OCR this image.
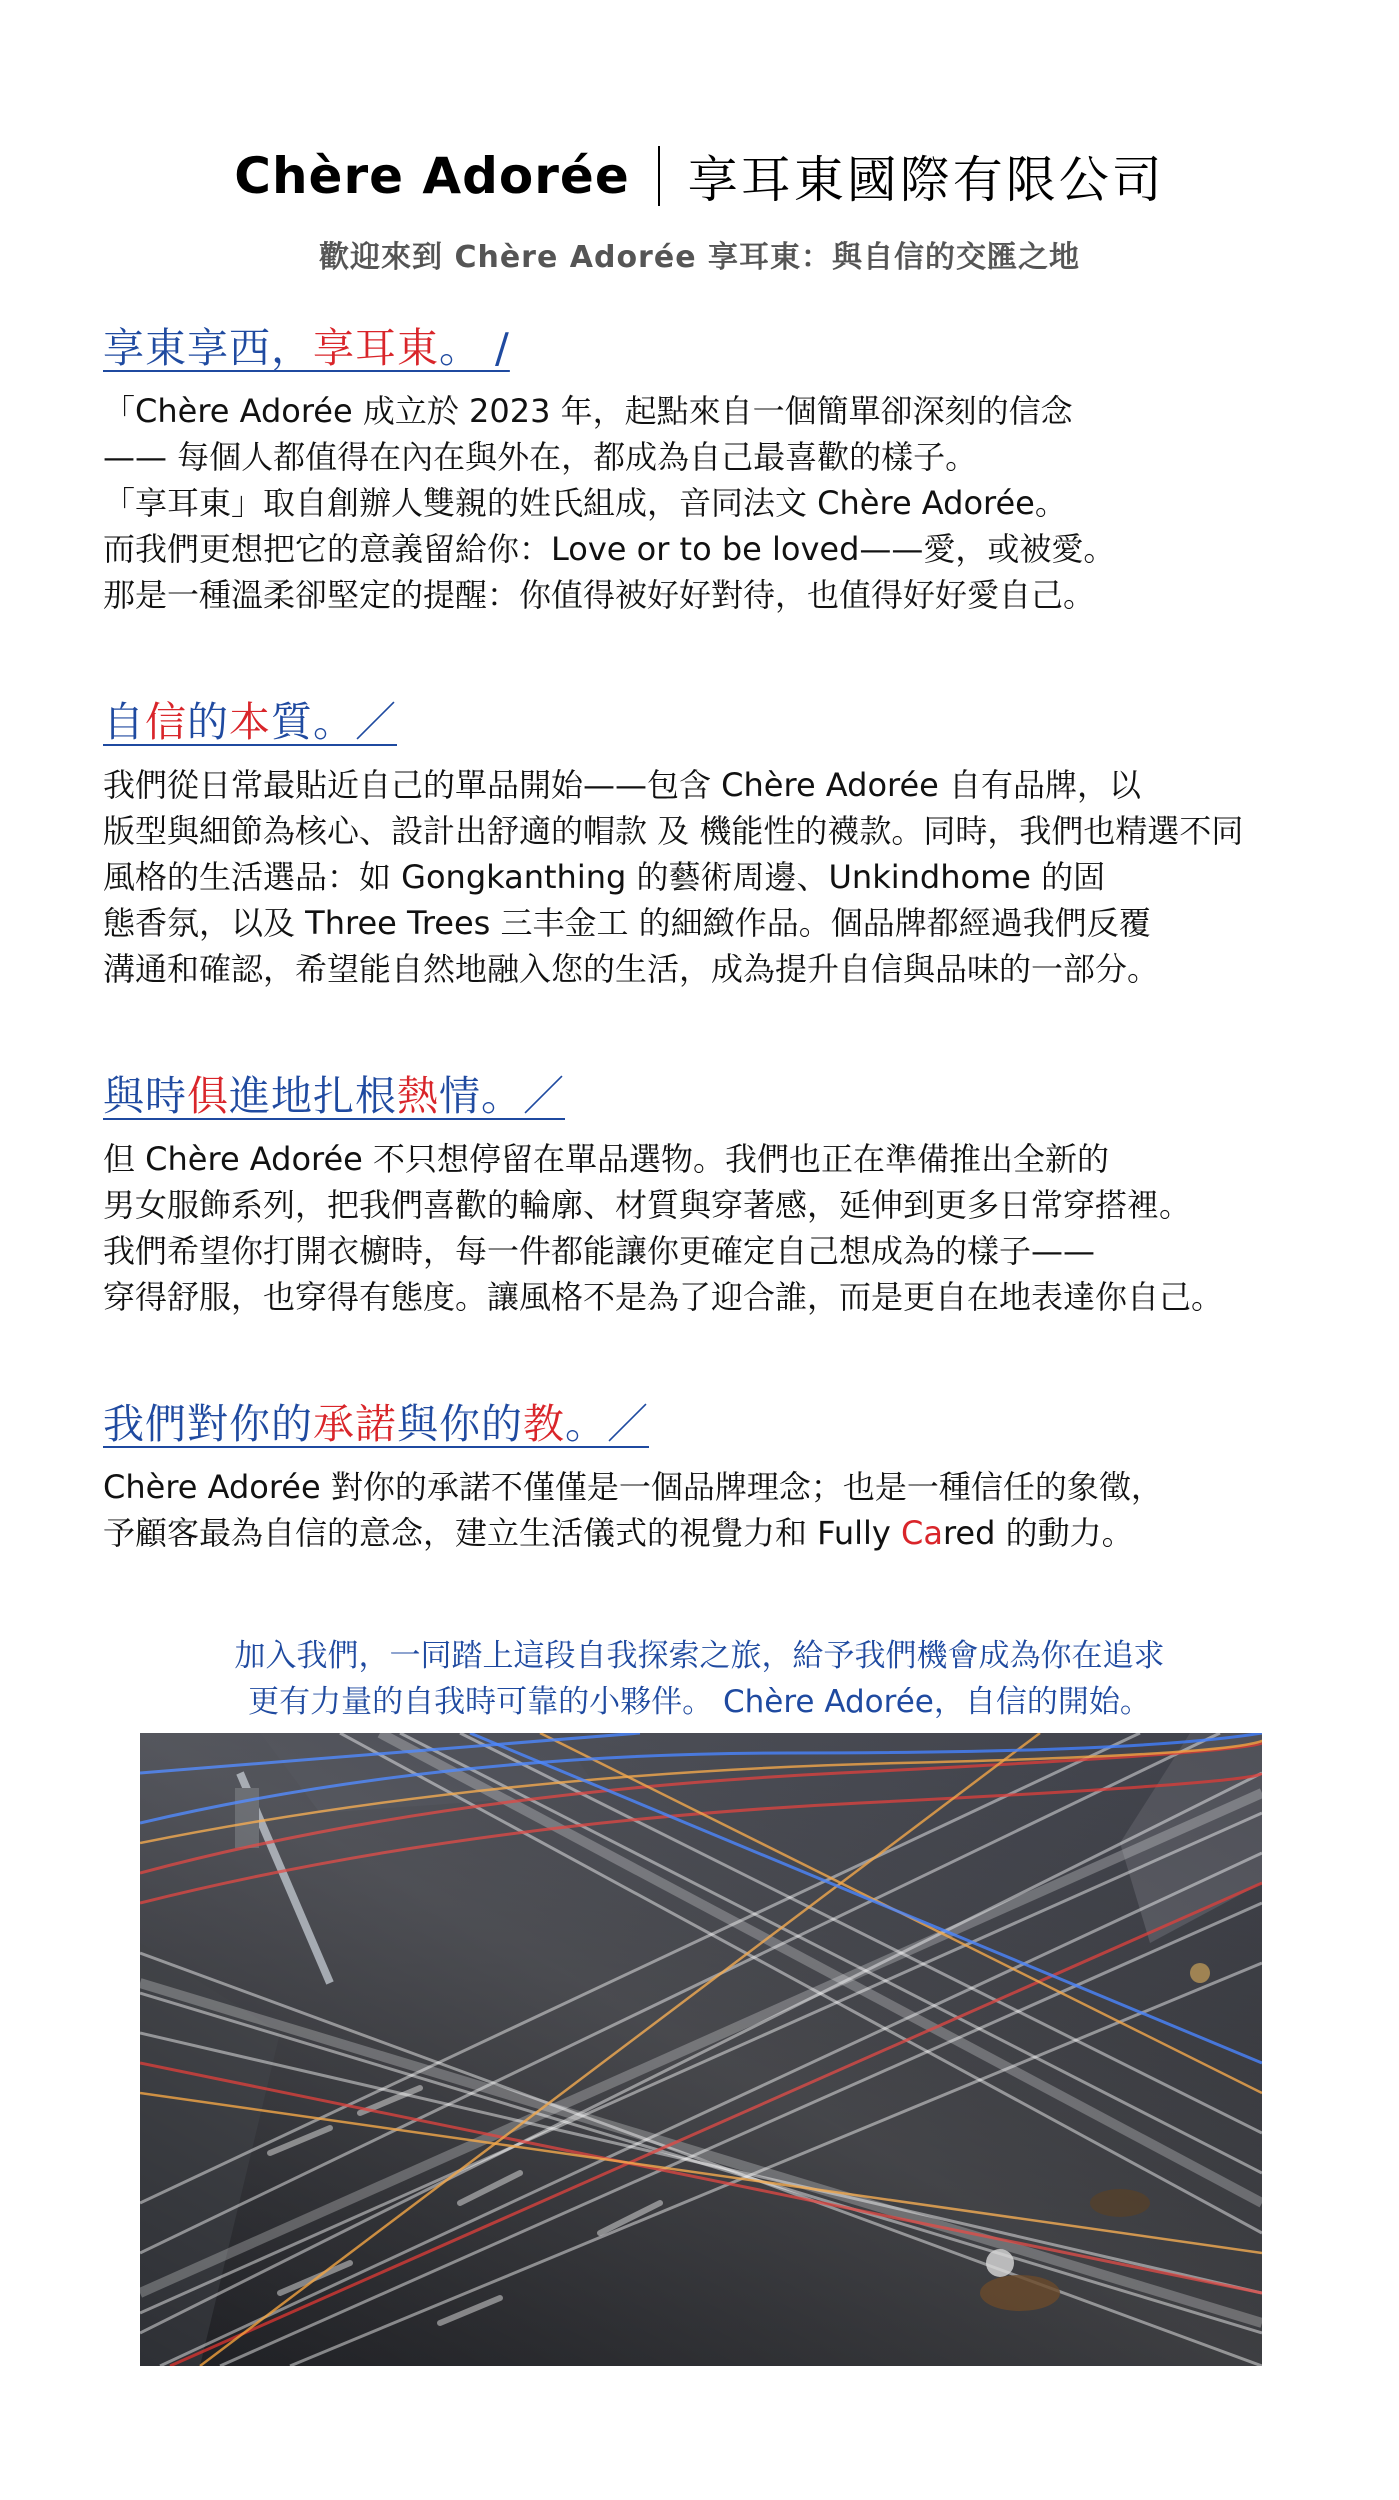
Chère Adorée 享耳東國際有限公司
歡迎來到 Chère Adorée 享耳東：與自信的交匯之地
享東享西，享耳東。 /

「Chère Adorée 成立於 2023 年，起點來自一個簡單卻深刻的信念

—— 每個人都值得在內在與外在，都成為自己最喜歡的樣子。

「享耳東」取自創辦人雙親的姓氏組成，音同法文 Chère Adorée。

而我們更想把它的意義留給你：Love or to be loved——愛，或被愛。

那是一種溫柔卻堅定的提醒：你值得被好好對待，也值得好好愛自己。

自信的本質。／

我們從日常最貼近自己的單品開始——包含 Chère Adorée 自有品牌，以

版型與細節為核心、設計出舒適的帽款 及 機能性的襪款。同時，我們也精選不同

風格的生活選品：如 Gongkanthing 的藝術周邊、Unkindhome 的固

態香氛，以及 Three Trees 三丰金工 的細緻作品。個品牌都經過我們反覆

溝通和確認，希望能自然地融入您的生活，成為提升自信與品味的一部分。

與時俱進地扎根熱情。／

但 Chère Adorée 不只想停留在單品選物。我們也正在準備推出全新的

男女服飾系列，把我們喜歡的輪廓、材質與穿著感，延伸到更多日常穿搭裡。

我們希望你打開衣櫥時，每一件都能讓你更確定自己想成為的樣子——

穿得舒服，也穿得有態度。讓風格不是為了迎合誰，而是更自在地表達你自己。

我們對你的承諾與你的教。／

Chère Adorée 對你的承諾不僅僅是一個品牌理念；也是一種信任的象徵，

予顧客最為自信的意念，建立生活儀式的視覺力和 Fully Cared 的動力。

加入我們，一同踏上這段自我探索之旅，給予我們機會成為你在追求

更有力量的自我時可靠的小夥伴。 Chère Adorée，自信的開始。
